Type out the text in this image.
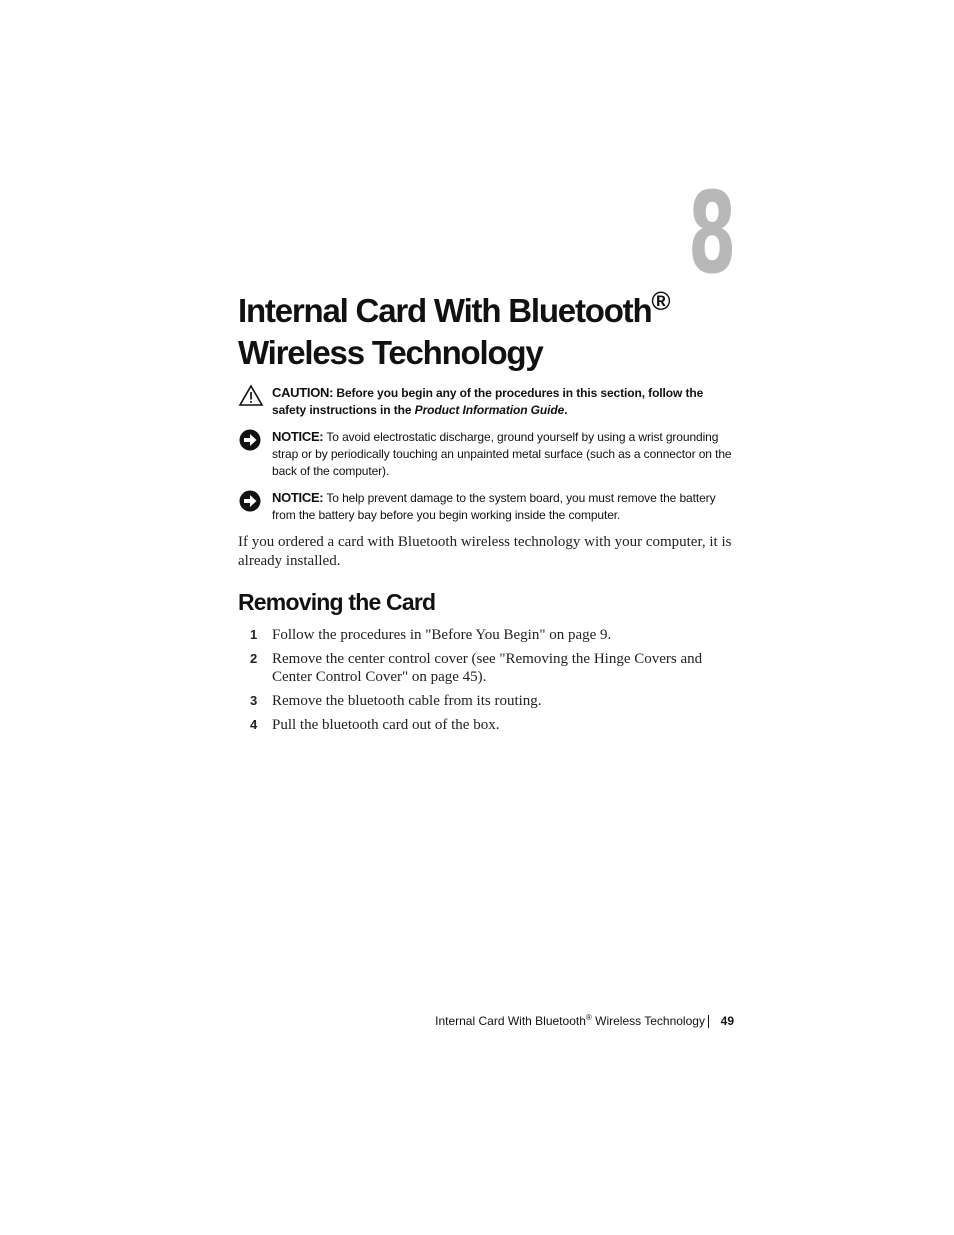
8
Internal Card With Bluetooth®
Wireless Technology
CAUTION: Before you begin any of the procedures in this section, follow the safety instructions in the Product Information Guide.
NOTICE: To avoid electrostatic discharge, ground yourself by using a wrist grounding strap or by periodically touching an unpainted metal surface (such as a connector on the back of the computer).
NOTICE: To help prevent damage to the system board, you must remove the battery from the battery bay before you begin working inside the computer.

If you ordered a card with Bluetooth wireless technology with your computer, it is already installed.

Removing the Card
1 Follow the procedures in "Before You Begin" on page 9.
2 Remove the center control cover (see "Removing the Hinge Covers and Center Control Cover" on page 45).
3 Remove the bluetooth cable from its routing.
4 Pull the bluetooth card out of the box.
Internal Card With Bluetooth® Wireless Technology 49
